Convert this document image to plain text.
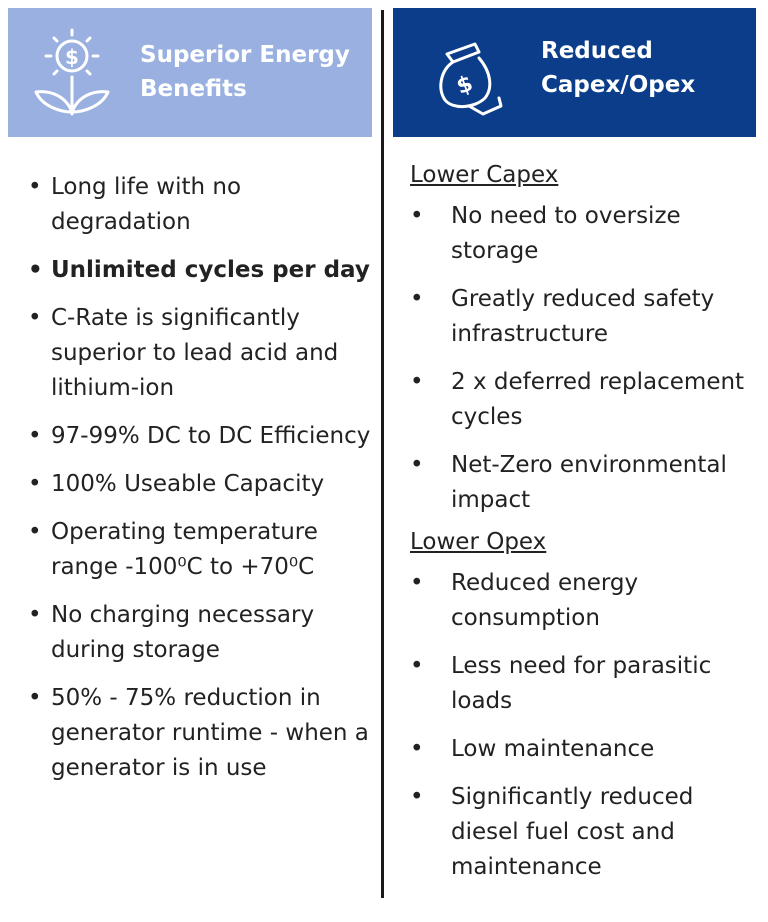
$	Superior Energy Benefits	$
Reduced Capex/Opex
• Long life with no degradation
• Unlimited cycles per day
• C-Rate is significantly superior to lead acid and lithium-ion
• 97-99% DC to DC Efficiency
• 100% Useable Capacity
• Operating temperature range -100⁰C to +70⁰C
• No charging necessary during storage
• 50% - 75% reduction in generator runtime - when a generator is in use
Lower Capex
• No need to oversize storage
• Greatly reduced safety infrastructure
• 2 x deferred replacement cycles
• Net-Zero environmental impact
Lower Opex
• Reduced energy consumption
• Less need for parasitic loads
• Low maintenance
• Significantly reduced diesel fuel cost and maintenance
